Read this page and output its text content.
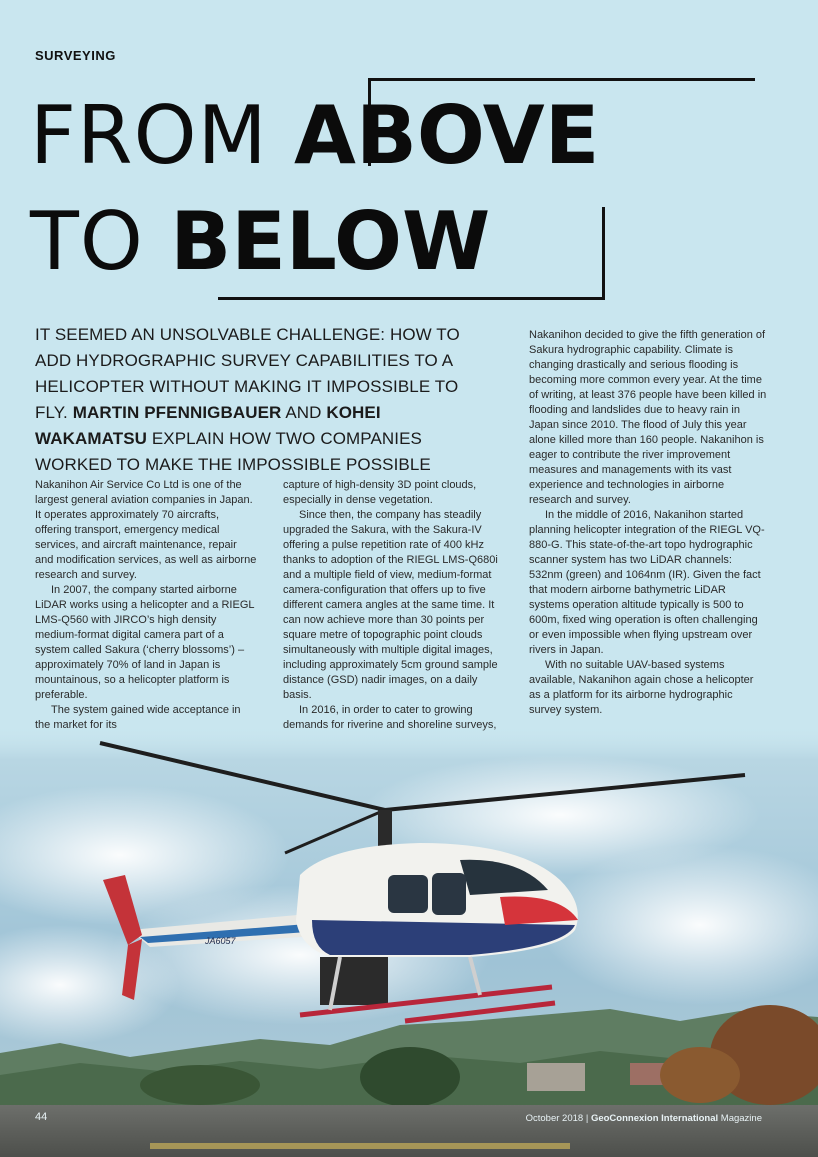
SURVEYING
FROM ABOVE
TO BELOW
IT SEEMED AN UNSOLVABLE CHALLENGE: HOW TO ADD HYDROGRAPHIC SURVEY CAPABILITIES TO A HELICOPTER WITHOUT MAKING IT IMPOSSIBLE TO FLY. MARTIN PFENNIGBAUER AND KOHEI WAKAMATSU EXPLAIN HOW TWO COMPANIES WORKED TO MAKE THE IMPOSSIBLE POSSIBLE

Nakanihon Air Service Co Ltd is one of the largest general aviation companies in Japan. It operates approximately 70 aircrafts, offering transport, emergency medical services, and aircraft maintenance, repair and modification services, as well as airborne research and survey.

In 2007, the company started airborne LiDAR works using a helicopter and a RIEGL LMS-Q560 with JIRCO’s high density medium-format digital camera part of a system called Sakura (‘cherry blossoms’) – approximately 70% of land in Japan is mountainous, so a helicopter platform is preferable.

The system gained wide acceptance in

capture of high-density 3D point clouds, especially in dense vegetation.

Since then, the company has steadily upgraded the Sakura, with the Sakura-IV offering a pulse repetition rate of 400 kHz thanks to adoption of the RIEGL LMS-Q680i and a multiple field of view, medium-format camera-configuration that offers up to five different camera angles at the same time. It can now achieve more than 30 points per square metre of topographic point clouds simultaneously with multiple digital images, including approximately 5cm ground sample distance (GSD) nadir images, on a daily basis.

In 2016, in order to cater to growing

Nakanihon decided to give the fifth generation of Sakura hydrographic capability. Climate is changing drastically and serious flooding is becoming more common every year. At the time of writing, at least 376 people have been killed in flooding and landslides due to heavy rain in Japan since 2010. The flood of July this year alone killed more than 160 people. Nakanihon is eager to contribute the river improvement measures and managements with its vast experience and technologies in airborne research and survey.

In the middle of 2016, Nakanihon started planning helicopter integration of the RIEGL VQ-880-G. This state-of-the-art topo hydrographic scanner system has two LiDAR channels: 532nm (green) and 1064nm (IR). Given the fact that modern airborne bathymetric LiDAR systems operation altitude typically is 500 to 600m, fixed wing operation is often challenging or even impossible when flying upstream over rivers in Japan.

With no suitable UAV-based systems available, Nakanihon again chose a helicopter as a platform for its airborne hydrographic survey system.

JA6057
44	October 2018 | GeoConnexion International Magazine
